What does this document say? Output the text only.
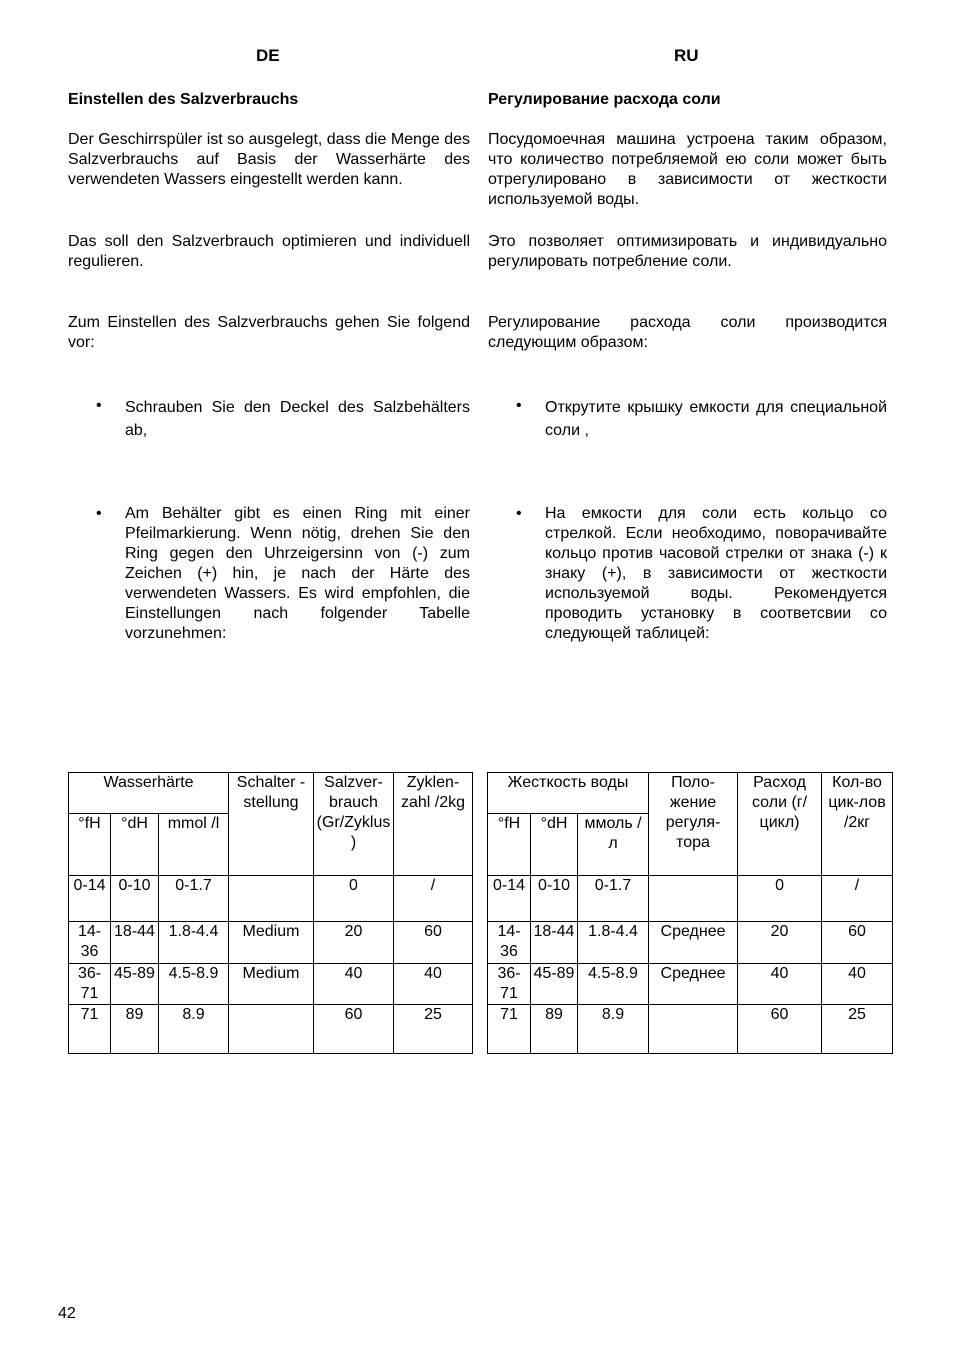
DE	RU
Einstellen des Salzverbrauchs	Регулирование расхода соли
Der Geschirrspüler ist so ausgelegt, dass die Menge des Salzverbrauchs auf Basis der Wasserhärte des verwendeten Wassers eingestellt werden kann.
Das soll den Salzverbrauch optimieren und individuell regulieren.
Zum Einstellen des Salzverbrauchs gehen Sie folgend vor:
Посудомоечная машина устроена таким образом, что количество потребляемой ею соли может быть отрегулировано в зависимости от жесткости используемой воды.
Это позволяет оптимизировать и индивидуально регулировать потребление соли.
Регулирование расхода соли производится следующим образом:
• Schrauben Sie den Deckel des Salzbehälters ab,
• Am Behälter gibt es einen Ring mit einer Pfeilmarkierung. Wenn nötig, drehen Sie den Ring gegen den Uhrzeigersinn von (-) zum Zeichen (+) hin, je nach der Härte des verwendeten Wassers. Es wird empfohlen, die Einstellungen nach folgender Tabelle vorzunehmen:
• Открутите крышку емкости для специальной соли ,
• На емкости для соли есть кольцо со стрелкой. Если необходимо, поворачивайте кольцо против часовой стрелки от знака (-) к знаку (+), в зависимости от жесткости используемой воды. Рекомендуется проводить установку в соответсвии со следующей таблицей:
Wasserhärte			Schalter -stellung	Salzver-brauch (Gr/Zyklus)	Zyklen-zahl /2kg
°fH	°dH	mmol /l			
0-14	0-10	0-1.7		0	/
14-36	18-44	1.8-4.4	Medium	20	60
36-71	45-89	4.5-8.9	Medium	40	40
71	89	8.9		60	25
Жесткость воды			Поло-жение регуля-тора	Расход соли (г/цикл)	Кол-во цик-лов /2кг
°fH	°dH	ммоль /л			
0-14	0-10	0-1.7		0	/
14-36	18-44	1.8-4.4	Среднее	20	60
36-71	45-89	4.5-8.9	Среднее	40	40
71	89	8.9		60	25
42
